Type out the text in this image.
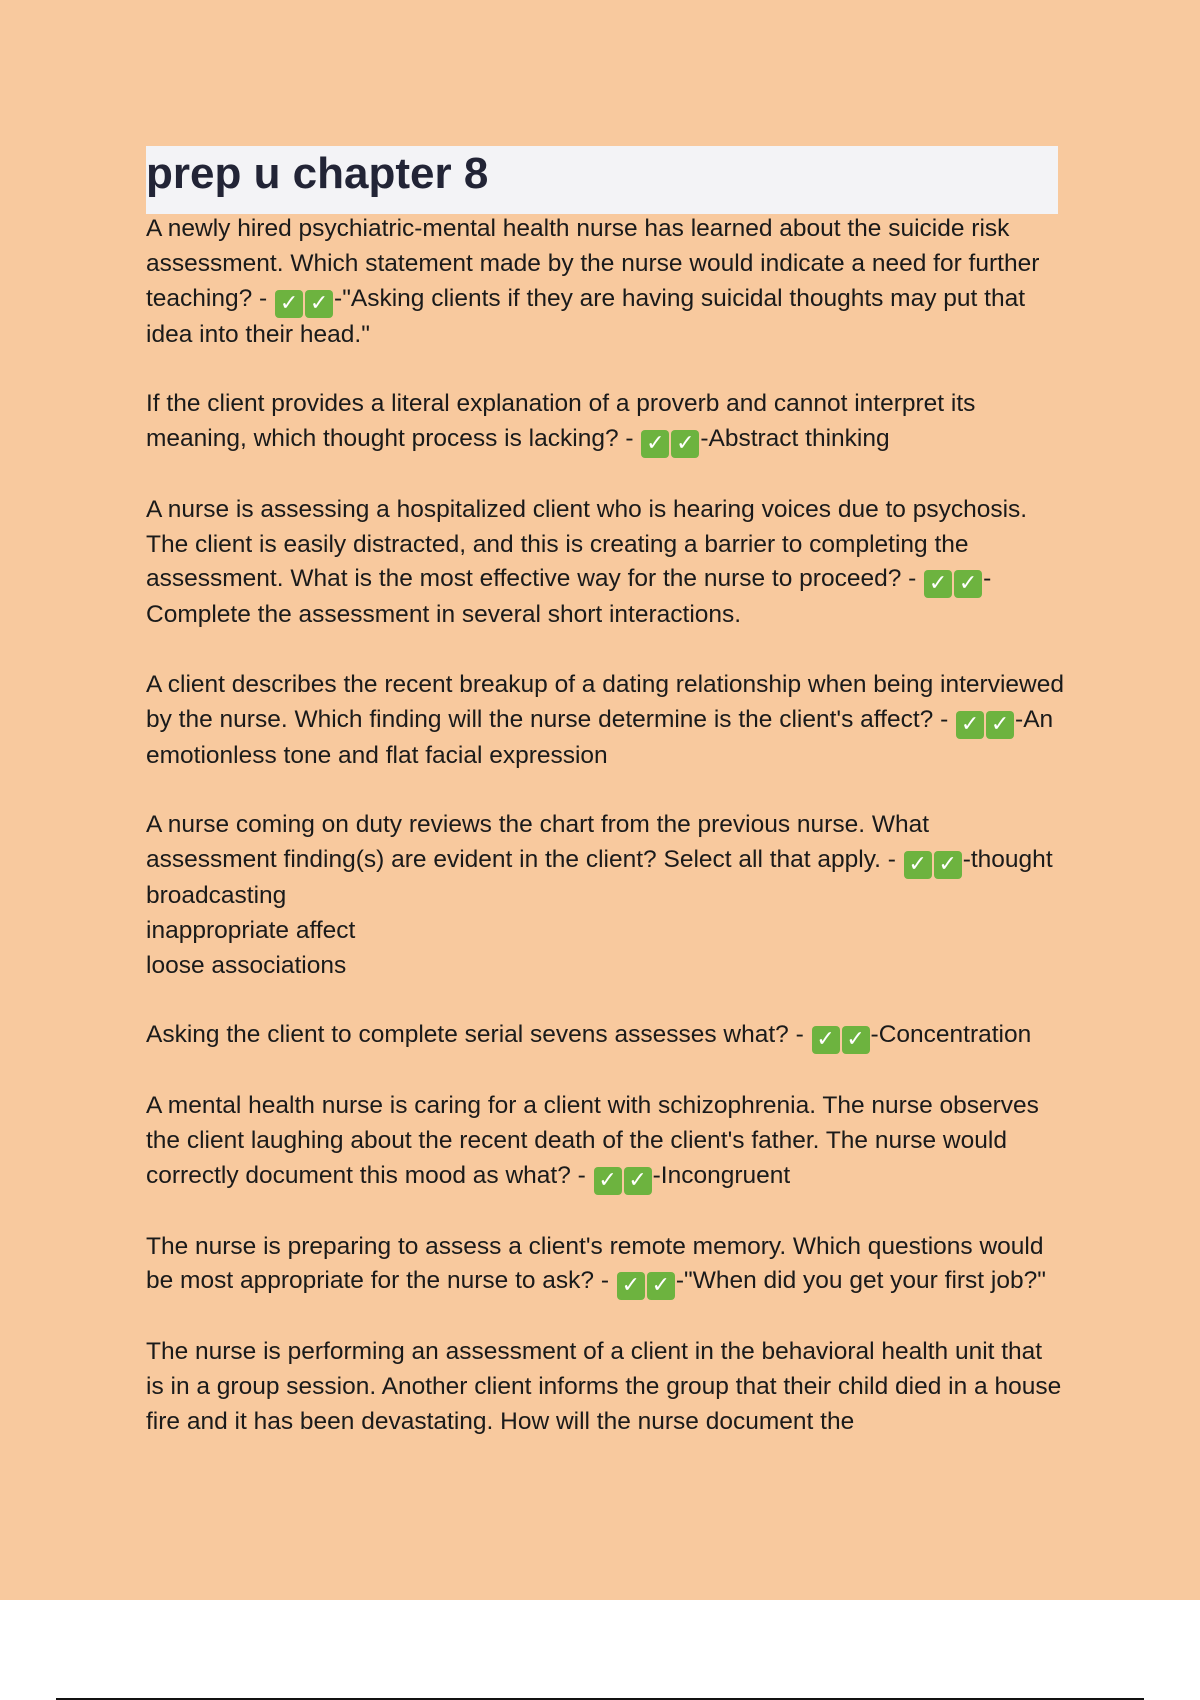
prep u chapter 8

A newly hired psychiatric-mental health nurse has learned about the suicide risk assessment. Which statement made by the nurse would indicate a need for further teaching? - ✓ ✓ -"Asking clients if they are having suicidal thoughts may put that idea into their head."

If the client provides a literal explanation of a proverb and cannot interpret its meaning, which thought process is lacking? - ✓ ✓ -Abstract thinking

A nurse is assessing a hospitalized client who is hearing voices due to psychosis. The client is easily distracted, and this is creating a barrier to completing the assessment. What is the most effective way for the nurse to proceed? - ✓ ✓ -Complete the assessment in several short interactions.

A client describes the recent breakup of a dating relationship when being interviewed by the nurse. Which finding will the nurse determine is the client's affect? - ✓ ✓ -An emotionless tone and flat facial expression

A nurse coming on duty reviews the chart from the previous nurse. What assessment finding(s) are evident in the client? Select all that apply. - ✓ ✓ -thought broadcasting
inappropriate affect
loose associations

Asking the client to complete serial sevens assesses what? - ✓ ✓ -Concentration

A mental health nurse is caring for a client with schizophrenia. The nurse observes the client laughing about the recent death of the client's father. The nurse would correctly document this mood as what? - ✓ ✓ -Incongruent

The nurse is preparing to assess a client's remote memory. Which questions would be most appropriate for the nurse to ask? - ✓ ✓ -"When did you get your first job?"

The nurse is performing an assessment of a client in the behavioral health unit that is in a group session. Another client informs the group that their child died in a house fire and it has been devastating. How will the nurse document the
